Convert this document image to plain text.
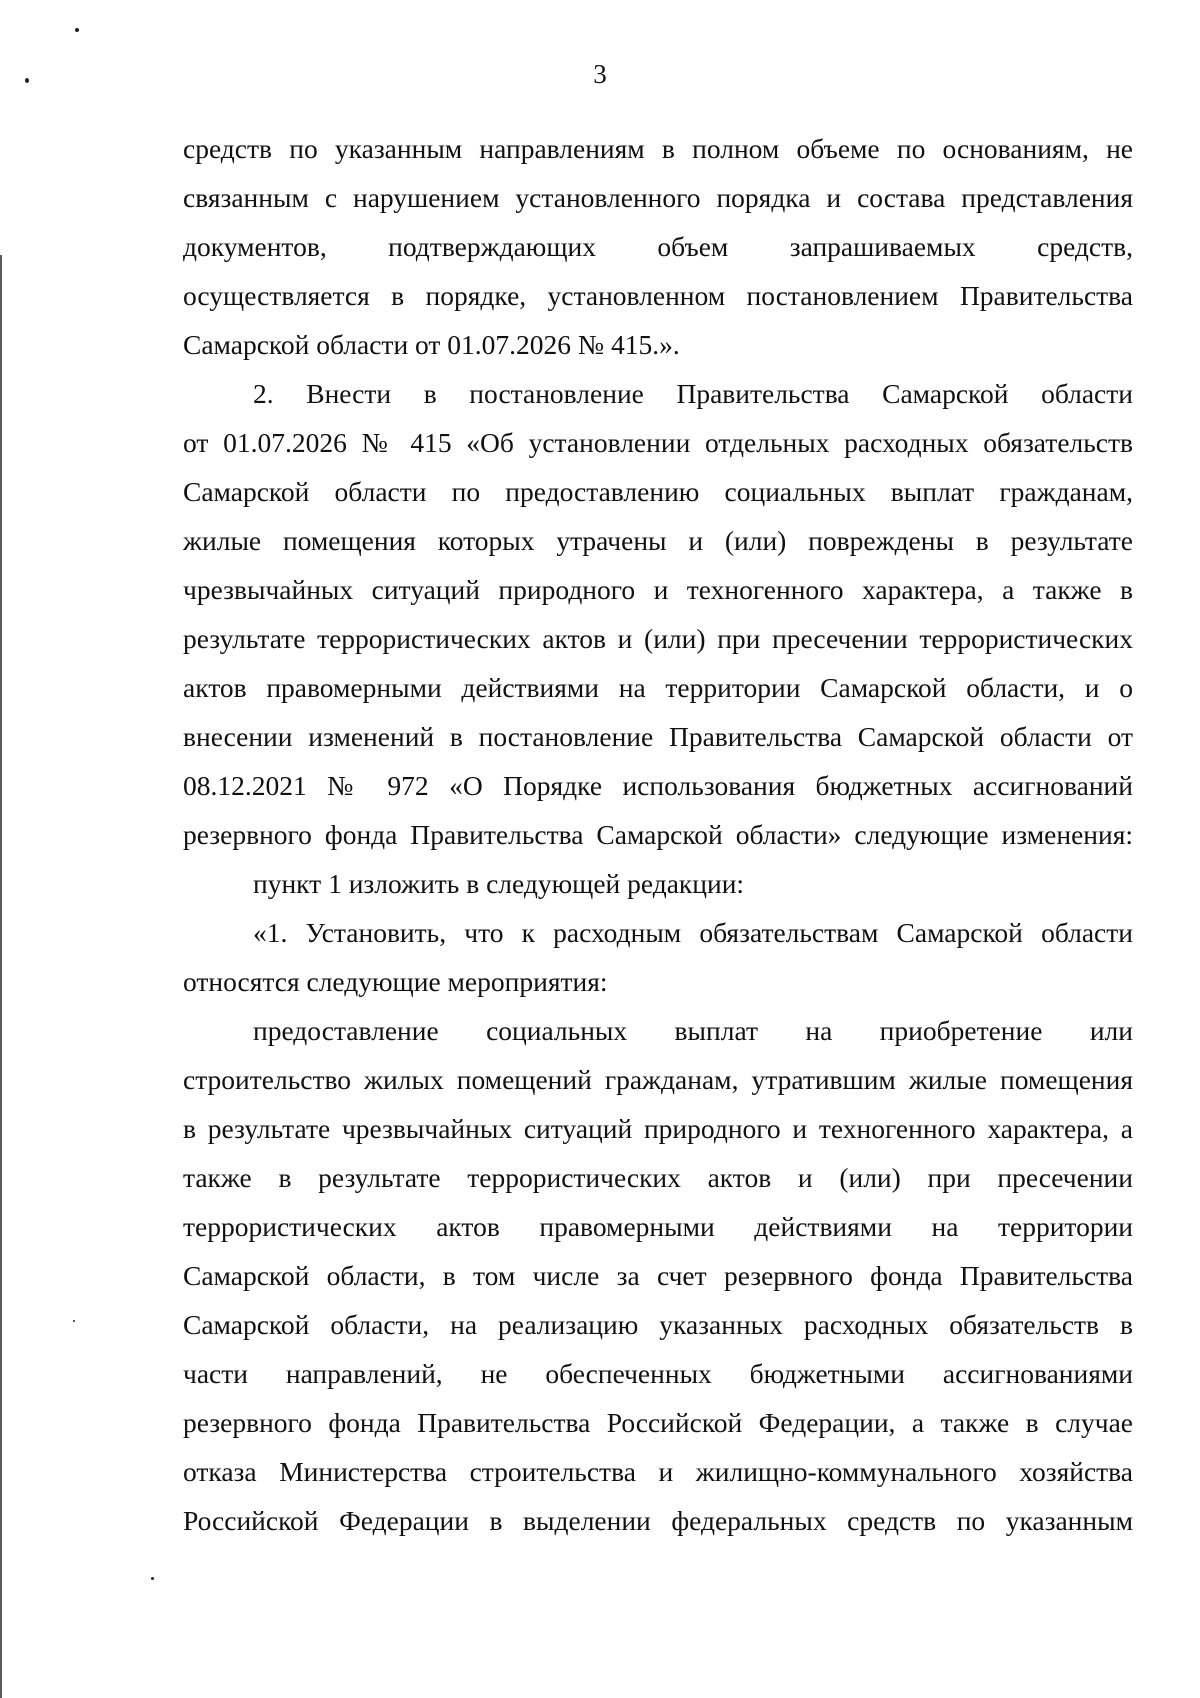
3
средств по указанным направлениям в полном объеме по основаниям, не
связанным с нарушением установленного порядка и состава представления
документов, подтверждающих объем запрашиваемых средств,
осуществляется в порядке, установленном постановлением Правительства
Самарской области от 01.07.2026 № 415.».
2. Внести в постановление Правительства Самарской области
от 01.07.2026 № 415 «Об установлении отдельных расходных обязательств
Самарской области по предоставлению социальных выплат гражданам,
жилые помещения которых утрачены и (или) повреждены в результате
чрезвычайных ситуаций природного и техногенного характера, а также в
результате террористических актов и (или) при пресечении террористических
актов правомерными действиями на территории Самарской области, и о
внесении изменений в постановление Правительства Самарской области от
08.12.2021 № 972 «О Порядке использования бюджетных ассигнований
резервного фонда Правительства Самарской области» следующие изменения:
пункт 1 изложить в следующей редакции:
«1. Установить, что к расходным обязательствам Самарской области
относятся следующие мероприятия:
предоставление социальных выплат на приобретение или
строительство жилых помещений гражданам, утратившим жилые помещения
в результате чрезвычайных ситуаций природного и техногенного характера, а
также в результате террористических актов и (или) при пресечении
террористических актов правомерными действиями на территории
Самарской области, в том числе за счет резервного фонда Правительства
Самарской области, на реализацию указанных расходных обязательств в
части направлений, не обеспеченных бюджетными ассигнованиями
резервного фонда Правительства Российской Федерации, а также в случае
отказа Министерства строительства и жилищно-коммунального хозяйства
Российской Федерации в выделении федеральных средств по указанным
